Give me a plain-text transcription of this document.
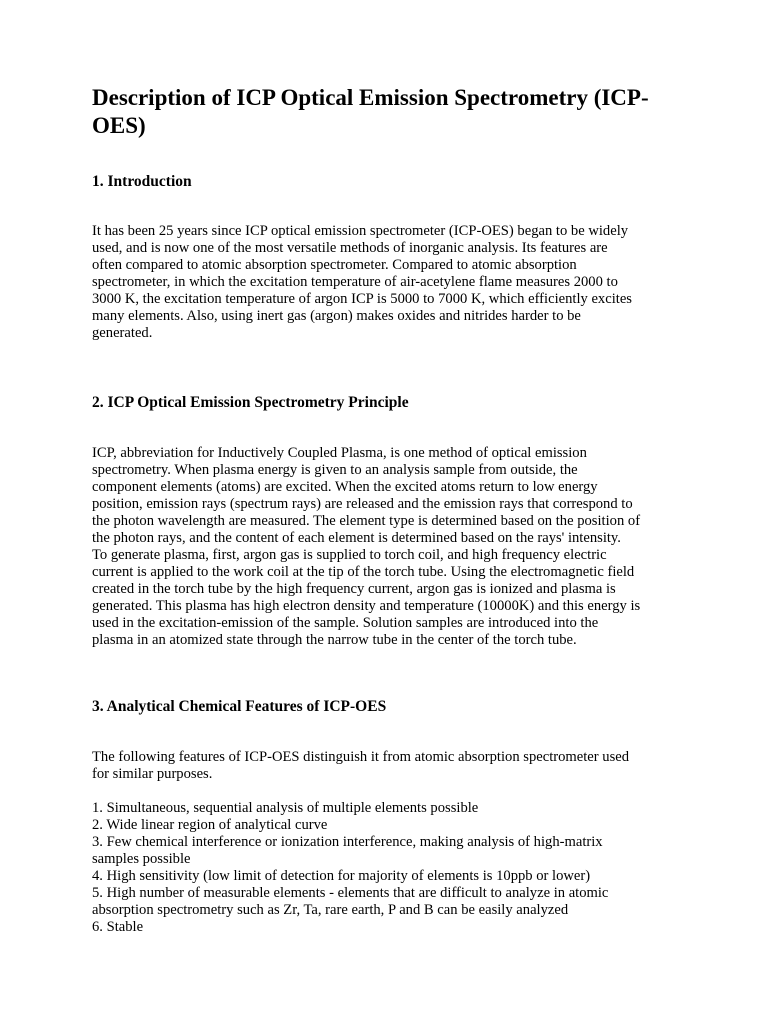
Description of ICP Optical Emission Spectrometry (ICP-
OES)
1. Introduction

It has been 25 years since ICP optical emission spectrometer (ICP-OES) began to be widely
used, and is now one of the most versatile methods of inorganic analysis. Its features are
often compared to atomic absorption spectrometer. Compared to atomic absorption
spectrometer, in which the excitation temperature of air-acetylene flame measures 2000 to
3000 K, the excitation temperature of argon ICP is 5000 to 7000 K, which efficiently excites
many elements. Also, using inert gas (argon) makes oxides and nitrides harder to be
generated.

2. ICP Optical Emission Spectrometry Principle

ICP, abbreviation for Inductively Coupled Plasma, is one method of optical emission
spectrometry. When plasma energy is given to an analysis sample from outside, the
component elements (atoms) are excited. When the excited atoms return to low energy
position, emission rays (spectrum rays) are released and the emission rays that correspond to
the photon wavelength are measured. The element type is determined based on the position of
the photon rays, and the content of each element is determined based on the rays' intensity.
To generate plasma, first, argon gas is supplied to torch coil, and high frequency electric
current is applied to the work coil at the tip of the torch tube. Using the electromagnetic field
created in the torch tube by the high frequency current, argon gas is ionized and plasma is
generated. This plasma has high electron density and temperature (10000K) and this energy is
used in the excitation-emission of the sample. Solution samples are introduced into the
plasma in an atomized state through the narrow tube in the center of the torch tube.

3. Analytical Chemical Features of ICP-OES

The following features of ICP-OES distinguish it from atomic absorption spectrometer used
for similar purposes.

1. Simultaneous, sequential analysis of multiple elements possible
2. Wide linear region of analytical curve
3. Few chemical interference or ionization interference, making analysis of high-matrix
samples possible
4. High sensitivity (low limit of detection for majority of elements is 10ppb or lower)
5. High number of measurable elements - elements that are difficult to analyze in atomic
absorption spectrometry such as Zr, Ta, rare earth, P and B can be easily analyzed
6. Stable
